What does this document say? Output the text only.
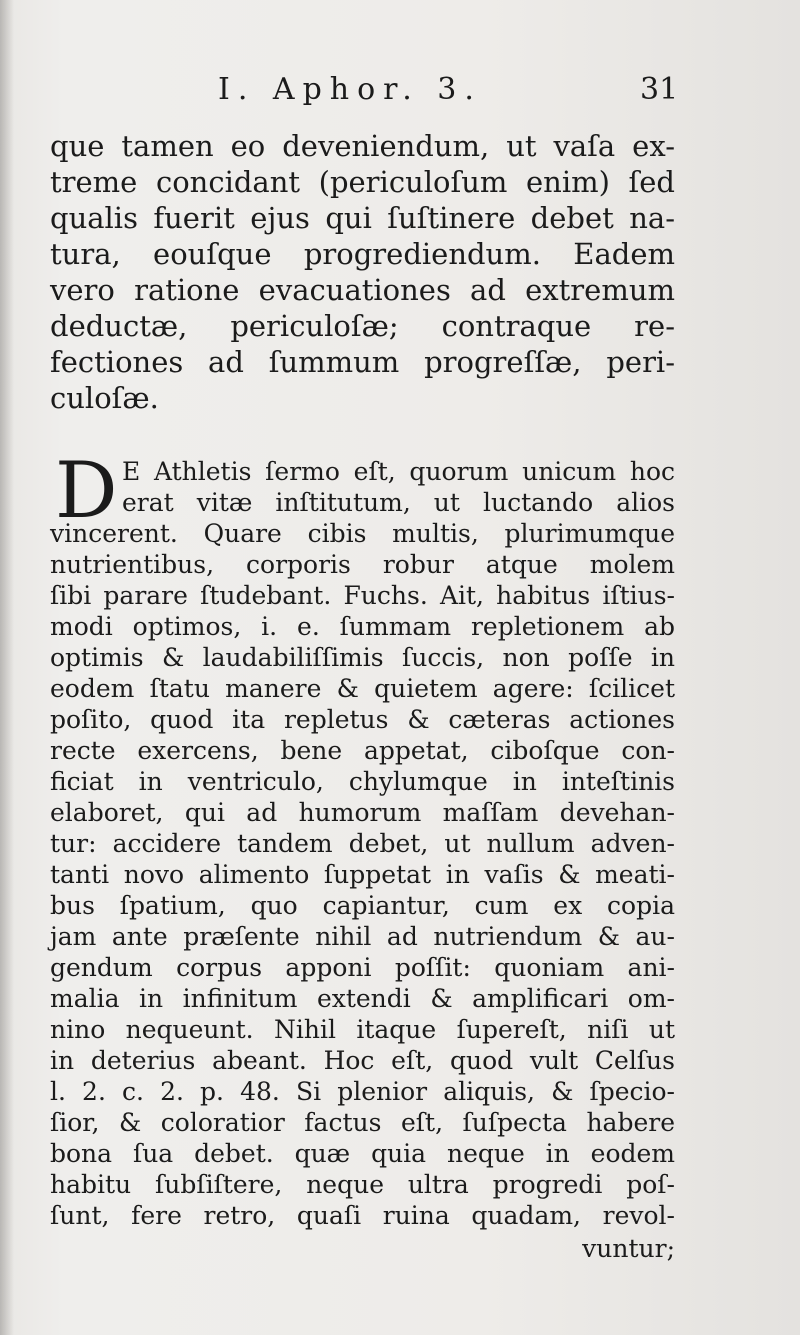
I. Aphor. 3.	31
que tamen eo deveniendum, ut vaſa ex-
treme concidant (periculoſum enim) ſed
qualis fuerit ejus qui ſuſtinere debet na-
tura, eouſque progrediendum. Eadem
vero ratione evacuationes ad extremum
deductæ, periculoſæ; contraque re-
fectiones ad ſummum progreſſæ, peri-
culoſæ.
D E Athletis ſermo eſt, quorum unicum hoc
erat vitæ inſtitutum, ut luctando alios
vincerent. Quare cibis multis, plurimumque
nutrientibus, corporis robur atque molem
ſibi parare ſtudebant. Fuchs. Ait, habitus iſtius-
modi optimos, i. e. ſummam repletionem ab
optimis & laudabiliſſimis ſuccis, non poſſe in
eodem ſtatu manere & quietem agere: ſcilicet
poſito, quod ita repletus & cæteras actiones
recte exercens, bene appetat, ciboſque con-
ficiat in ventriculo, chylumque in inteſtinis
elaboret, qui ad humorum maſſam devehan-
tur: accidere tandem debet, ut nullum adven-
tanti novo alimento ſuppetat in vaſis & meati-
bus ſpatium, quo capiantur, cum ex copia
jam ante præſente nihil ad nutriendum & au-
gendum corpus apponi poſſit: quoniam ani-
malia in infinitum extendi & amplificari om-
nino nequeunt. Nihil itaque ſupereſt, niſi ut
in deterius abeant. Hoc eſt, quod vult Celſus
l. 2. c. 2. p. 48. Si plenior aliquis, & ſpecio-
ſior, & coloratior factus eſt, ſuſpecta habere
bona ſua debet. quæ quia neque in eodem
habitu ſubſiſtere, neque ultra progredi poſ-
ſunt, fere retro, quaſi ruina quadam, revol-
vuntur;
